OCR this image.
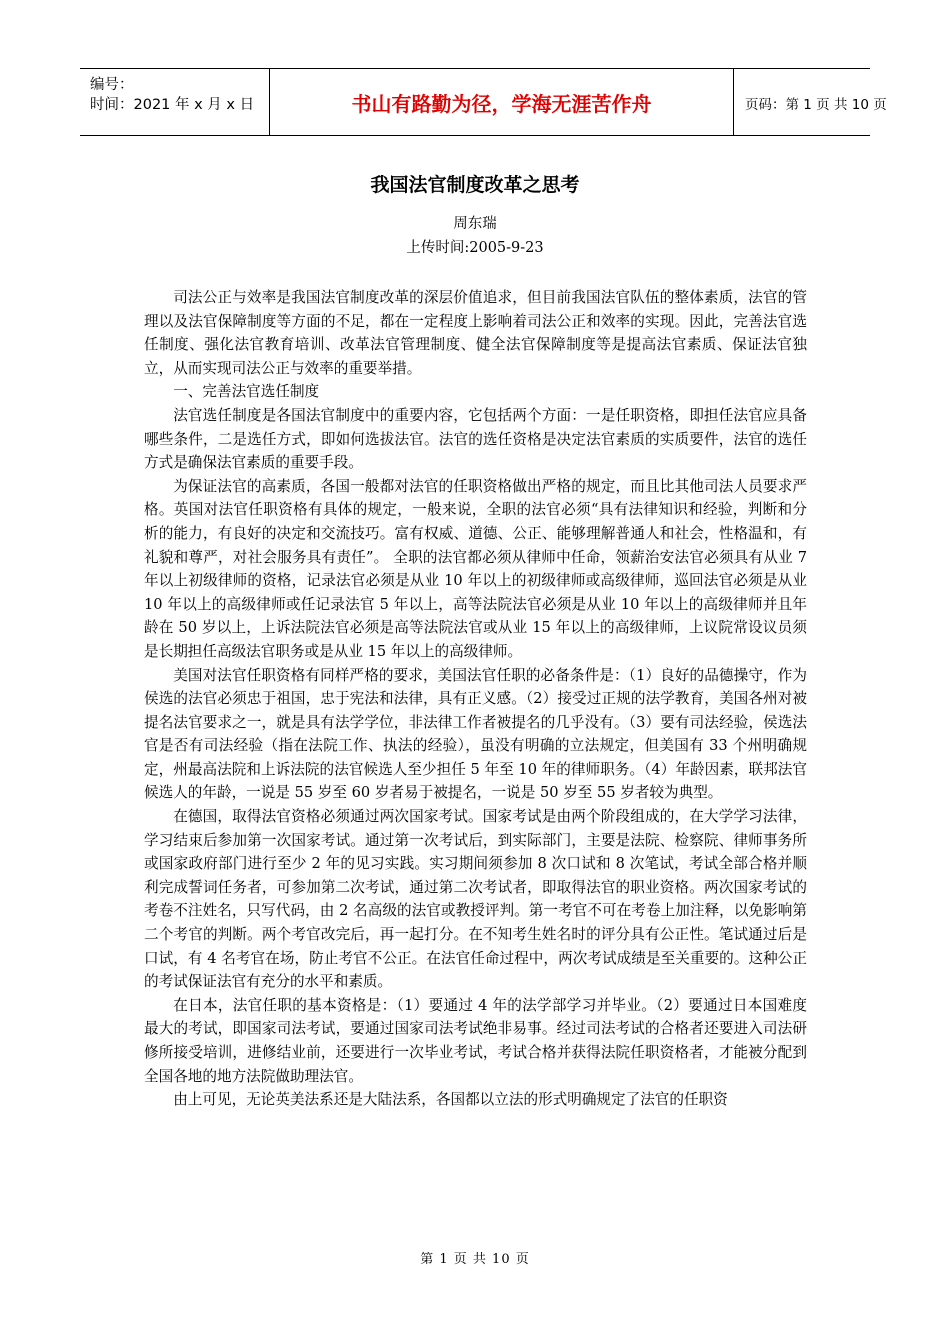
编号：
时间：2021 年 x 月 x 日	书山有路勤为径，学海无涯苦作舟	页码：第 1 页 共 10 页
我国法官制度改革之思考
周东瑞
上传时间:2005-9-23

司法公正与效率是我国法官制度改革的深层价值追求，但目前我国法官队伍的整体素质，法官的管理以及法官保障制度等方面的不足，都在一定程度上影响着司法公正和效率的实现。因此，完善法官选任制度、强化法官教育培训、改革法官管理制度、健全法官保障制度等是提高法官素质、保证法官独立，从而实现司法公正与效率的重要举措。

一、完善法官选任制度

法官选任制度是各国法官制度中的重要内容，它包括两个方面：一是任职资格，即担任法官应具备哪些条件，二是选任方式，即如何选拔法官。法官的选任资格是决定法官素质的实质要件，法官的选任方式是确保法官素质的重要手段。

为保证法官的高素质，各国一般都对法官的任职资格做出严格的规定，而且比其他司法人员要求严格。英国对法官任职资格有具体的规定，一般来说，全职的法官必须“具有法律知识和经验，判断和分析的能力，有良好的决定和交流技巧。富有权威、道德、公正、能够理解普通人和社会，性格温和，有礼貌和尊严，对社会服务具有责任”。 全职的法官都必须从律师中任命，领薪治安法官必须具有从业 7 年以上初级律师的资格，记录法官必须是从业 10 年以上的初级律师或高级律师，巡回法官必须是从业 10 年以上的高级律师或任记录法官 5 年以上，高等法院法官必须是从业 10 年以上的高级律师并且年龄在 50 岁以上，上诉法院法官必须是高等法院法官或从业 15 年以上的高级律师，上议院常设议员须是长期担任高级法官职务或是从业 15 年以上的高级律师。

美国对法官任职资格有同样严格的要求，美国法官任职的必备条件是：（1）良好的品德操守，作为侯选的法官必须忠于祖国，忠于宪法和法律，具有正义感。（2）接受过正规的法学教育，美国各州对被提名法官要求之一，就是具有法学学位，非法律工作者被提名的几乎没有。（3）要有司法经验，侯选法官是否有司法经验（指在法院工作、执法的经验），虽没有明确的立法规定，但美国有 33 个州明确规定，州最高法院和上诉法院的法官候选人至少担任 5 年至 10 年的律师职务。（4）年龄因素，联邦法官候选人的年龄，一说是 55 岁至 60 岁者易于被提名，一说是 50 岁至 55 岁者较为典型。

在德国，取得法官资格必须通过两次国家考试。国家考试是由两个阶段组成的，在大学学习法律，学习结束后参加第一次国家考试。通过第一次考试后，到实际部门，主要是法院、检察院、律师事务所或国家政府部门进行至少 2 年的见习实践。实习期间须参加 8 次口试和 8 次笔试，考试全部合格并顺利完成誓词任务者，可参加第二次考试，通过第二次考试者，即取得法官的职业资格。两次国家考试的考卷不注姓名，只写代码，由 2 名高级的法官或教授评判。第一考官不可在考卷上加注释，以免影响第二个考官的判断。两个考官改完后，再一起打分。在不知考生姓名时的评分具有公正性。笔试通过后是口试，有 4 名考官在场，防止考官不公正。在法官任命过程中，两次考试成绩是至关重要的。这种公正的考试保证法官有充分的水平和素质。

在日本，法官任职的基本资格是：（1）要通过 4 年的法学部学习并毕业。（2）要通过日本国难度最大的考试，即国家司法考试，要通过国家司法考试绝非易事。经过司法考试的合格者还要进入司法研修所接受培训，进修结业前，还要进行一次毕业考试，考试合格并获得法院任职资格者，才能被分配到全国各地的地方法院做助理法官。

由上可见，无论英美法系还是大陆法系，各国都以立法的形式明确规定了法官的任职资

第 1 页 共 10 页
